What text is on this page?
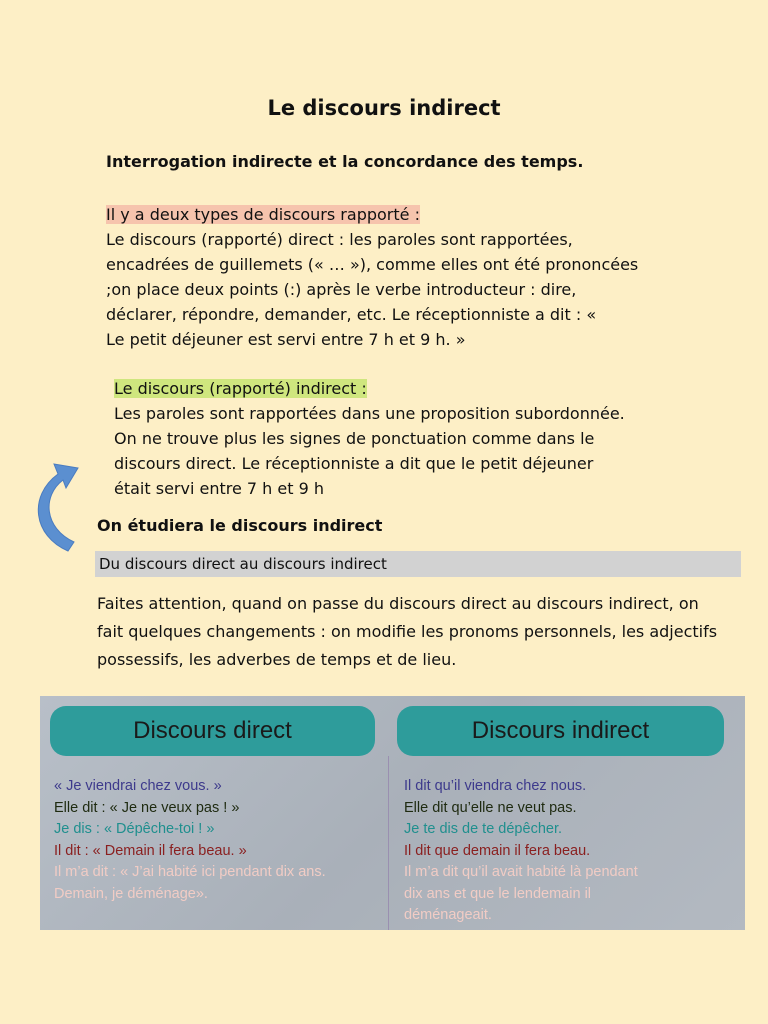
Le discours indirect
Interrogation indirecte et la concordance des temps.
Il y a deux types de discours rapporté :
Le discours (rapporté) direct : les paroles sont rapportées,
encadrées de guillemets (« … »), comme elles ont été prononcées
;on place deux points (:) après le verbe introducteur : dire,
déclarer, répondre, demander, etc. Le réceptionniste a dit : «
Le petit déjeuner est servi entre 7 h et 9 h. »
Le discours (rapporté) indirect :
Les paroles sont rapportées dans une proposition subordonnée.
On ne trouve plus les signes de ponctuation comme dans le
discours direct. Le réceptionniste a dit que le petit déjeuner
était servi entre 7 h et 9 h
On étudiera le discours indirect
Du discours direct au discours indirect
Faites attention, quand on passe du discours direct au discours indirect, on
fait quelques changements : on modifie les pronoms personnels, les adjectifs
possessifs, les adverbes de temps et de lieu.
Discours direct	Discours indirect
« Je viendrai chez vous. »
Elle dit : « Je ne veux pas ! »
Je dis : « Dépêche-toi ! »
Il dit : « Demain il fera beau. »
Il m’a dit : « J’ai habité ici pendant dix ans.
Demain, je déménage».
Il dit qu’il viendra chez nous.
Elle dit qu’elle ne veut pas.
Je te dis de te dépêcher.
Il dit que demain il fera beau.
Il m’a dit qu’il avait habité là pendant
dix ans et que le lendemain il
déménageait.
